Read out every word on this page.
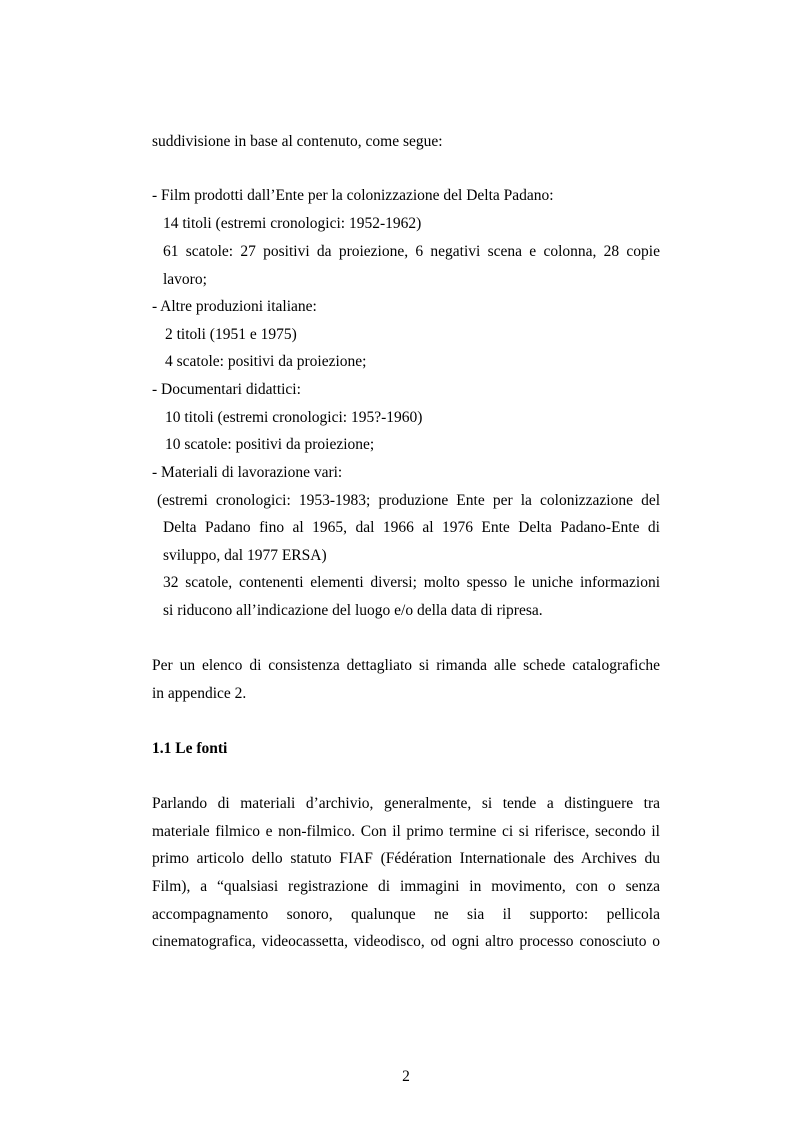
suddivisione in base al contenuto, come segue:
- Film prodotti dall’Ente per la colonizzazione del Delta Padano:
14 titoli (estremi cronologici: 1952-1962)
61 scatole: 27 positivi da proiezione, 6 negativi scena e colonna, 28 copie
lavoro;
- Altre produzioni italiane:
2 titoli (1951 e 1975)
4 scatole: positivi da proiezione;
- Documentari didattici:
10 titoli (estremi cronologici: 195?-1960)
10 scatole: positivi da proiezione;
- Materiali di lavorazione vari:
(estremi cronologici: 1953-1983; produzione Ente per la colonizzazione del
Delta Padano fino al 1965, dal 1966 al 1976 Ente Delta Padano-Ente di
sviluppo, dal 1977 ERSA)
32 scatole, contenenti elementi diversi; molto spesso le uniche informazioni
si riducono all’indicazione del luogo e/o della data di ripresa.
Per un elenco di consistenza dettagliato si rimanda alle schede catalografiche
in appendice 2.
1.1 Le fonti
Parlando di materiali d’archivio, generalmente, si tende a distinguere tra
materiale filmico e non-filmico. Con il primo termine ci si riferisce, secondo il
primo articolo dello statuto FIAF (Fédération Internationale des Archives du
Film), a “qualsiasi registrazione di immagini in movimento, con o senza
accompagnamento sonoro, qualunque ne sia il supporto: pellicola
cinematografica, videocassetta, videodisco, od ogni altro processo conosciuto o
2
